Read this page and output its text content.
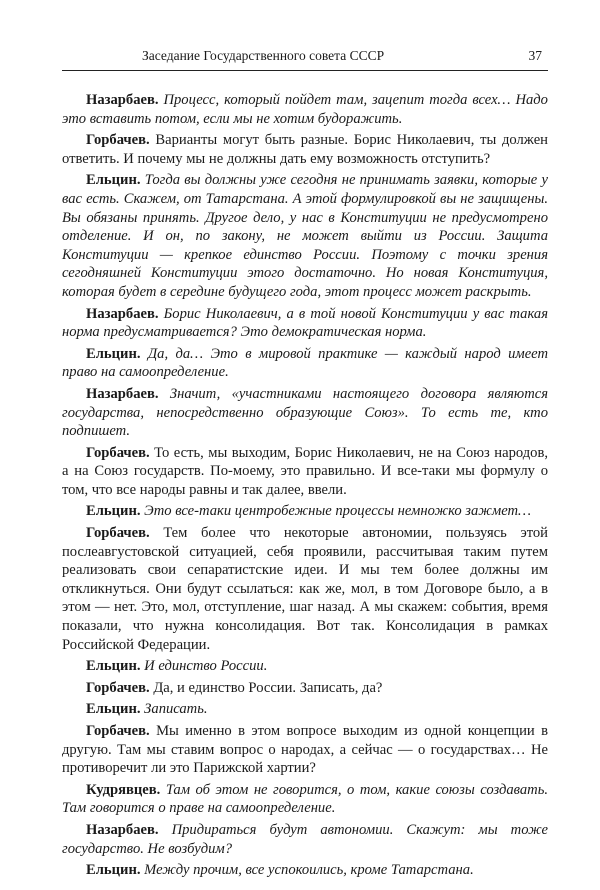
Заседание Государственного совета СССР	37

Назарбаев. Процесс, который пойдет там, зацепит тогда всех… Надо это вставить потом, если мы не хотим будоражить.

Горбачев. Варианты могут быть разные. Борис Николаевич, ты должен ответить. И почему мы не должны дать ему возможность отступить?

Ельцин. Тогда вы должны уже сегодня не принимать заявки, которые у вас есть. Скажем, от Татарстана. А этой формулировкой вы не защищены. Вы обязаны принять. Другое дело, у нас в Конституции не предусмотрено отделение. И он, по закону, не может выйти из России. Защита Конституции — крепкое единство России. Поэтому с точки зрения сегодняшней Конституции этого достаточно. Но новая Конституция, которая будет в середине будущего года, этот процесс может раскрыть.

Назарбаев. Борис Николаевич, а в той новой Конституции у вас такая норма предусматривается? Это демократическая норма.

Ельцин. Да, да… Это в мировой практике — каждый народ имеет право на самоопределение.

Назарбаев. Значит, «участниками настоящего договора являются государства, непосредственно образующие Союз». То есть те, кто подпишет.

Горбачев. То есть, мы выходим, Борис Николаевич, не на Союз народов, а на Союз государств. По-моему, это правильно. И все-таки мы формулу о том, что все народы равны и так далее, ввели.

Ельцин. Это все-таки центробежные процессы немножко зажмет…

Горбачев. Тем более что некоторые автономии, пользуясь этой послеавгустовской ситуацией, себя проявили, рассчитывая таким путем реализовать свои сепаратистские идеи. И мы тем более должны им откликнуться. Они будут ссылаться: как же, мол, в том Договоре было, а в этом — нет. Это, мол, отступление, шаг назад. А мы скажем: события, время показали, что нужна консолидация. Вот так. Консолидация в рамках Российской Федерации.

Ельцин. И единство России.

Горбачев. Да, и единство России. Записать, да?

Ельцин. Записать.

Горбачев. Мы именно в этом вопросе выходим из одной концепции в другую. Там мы ставим вопрос о народах, а сейчас — о государствах… Не противоречит ли это Парижской хартии?

Кудрявцев. Там об этом не говорится, о том, какие союзы создавать. Там говорится о праве на самоопределение.

Назарбаев. Придираться будут автономии. Скажут: мы тоже государство. Не возбудим?

Ельцин. Между прочим, все успокоились, кроме Татарстана.
